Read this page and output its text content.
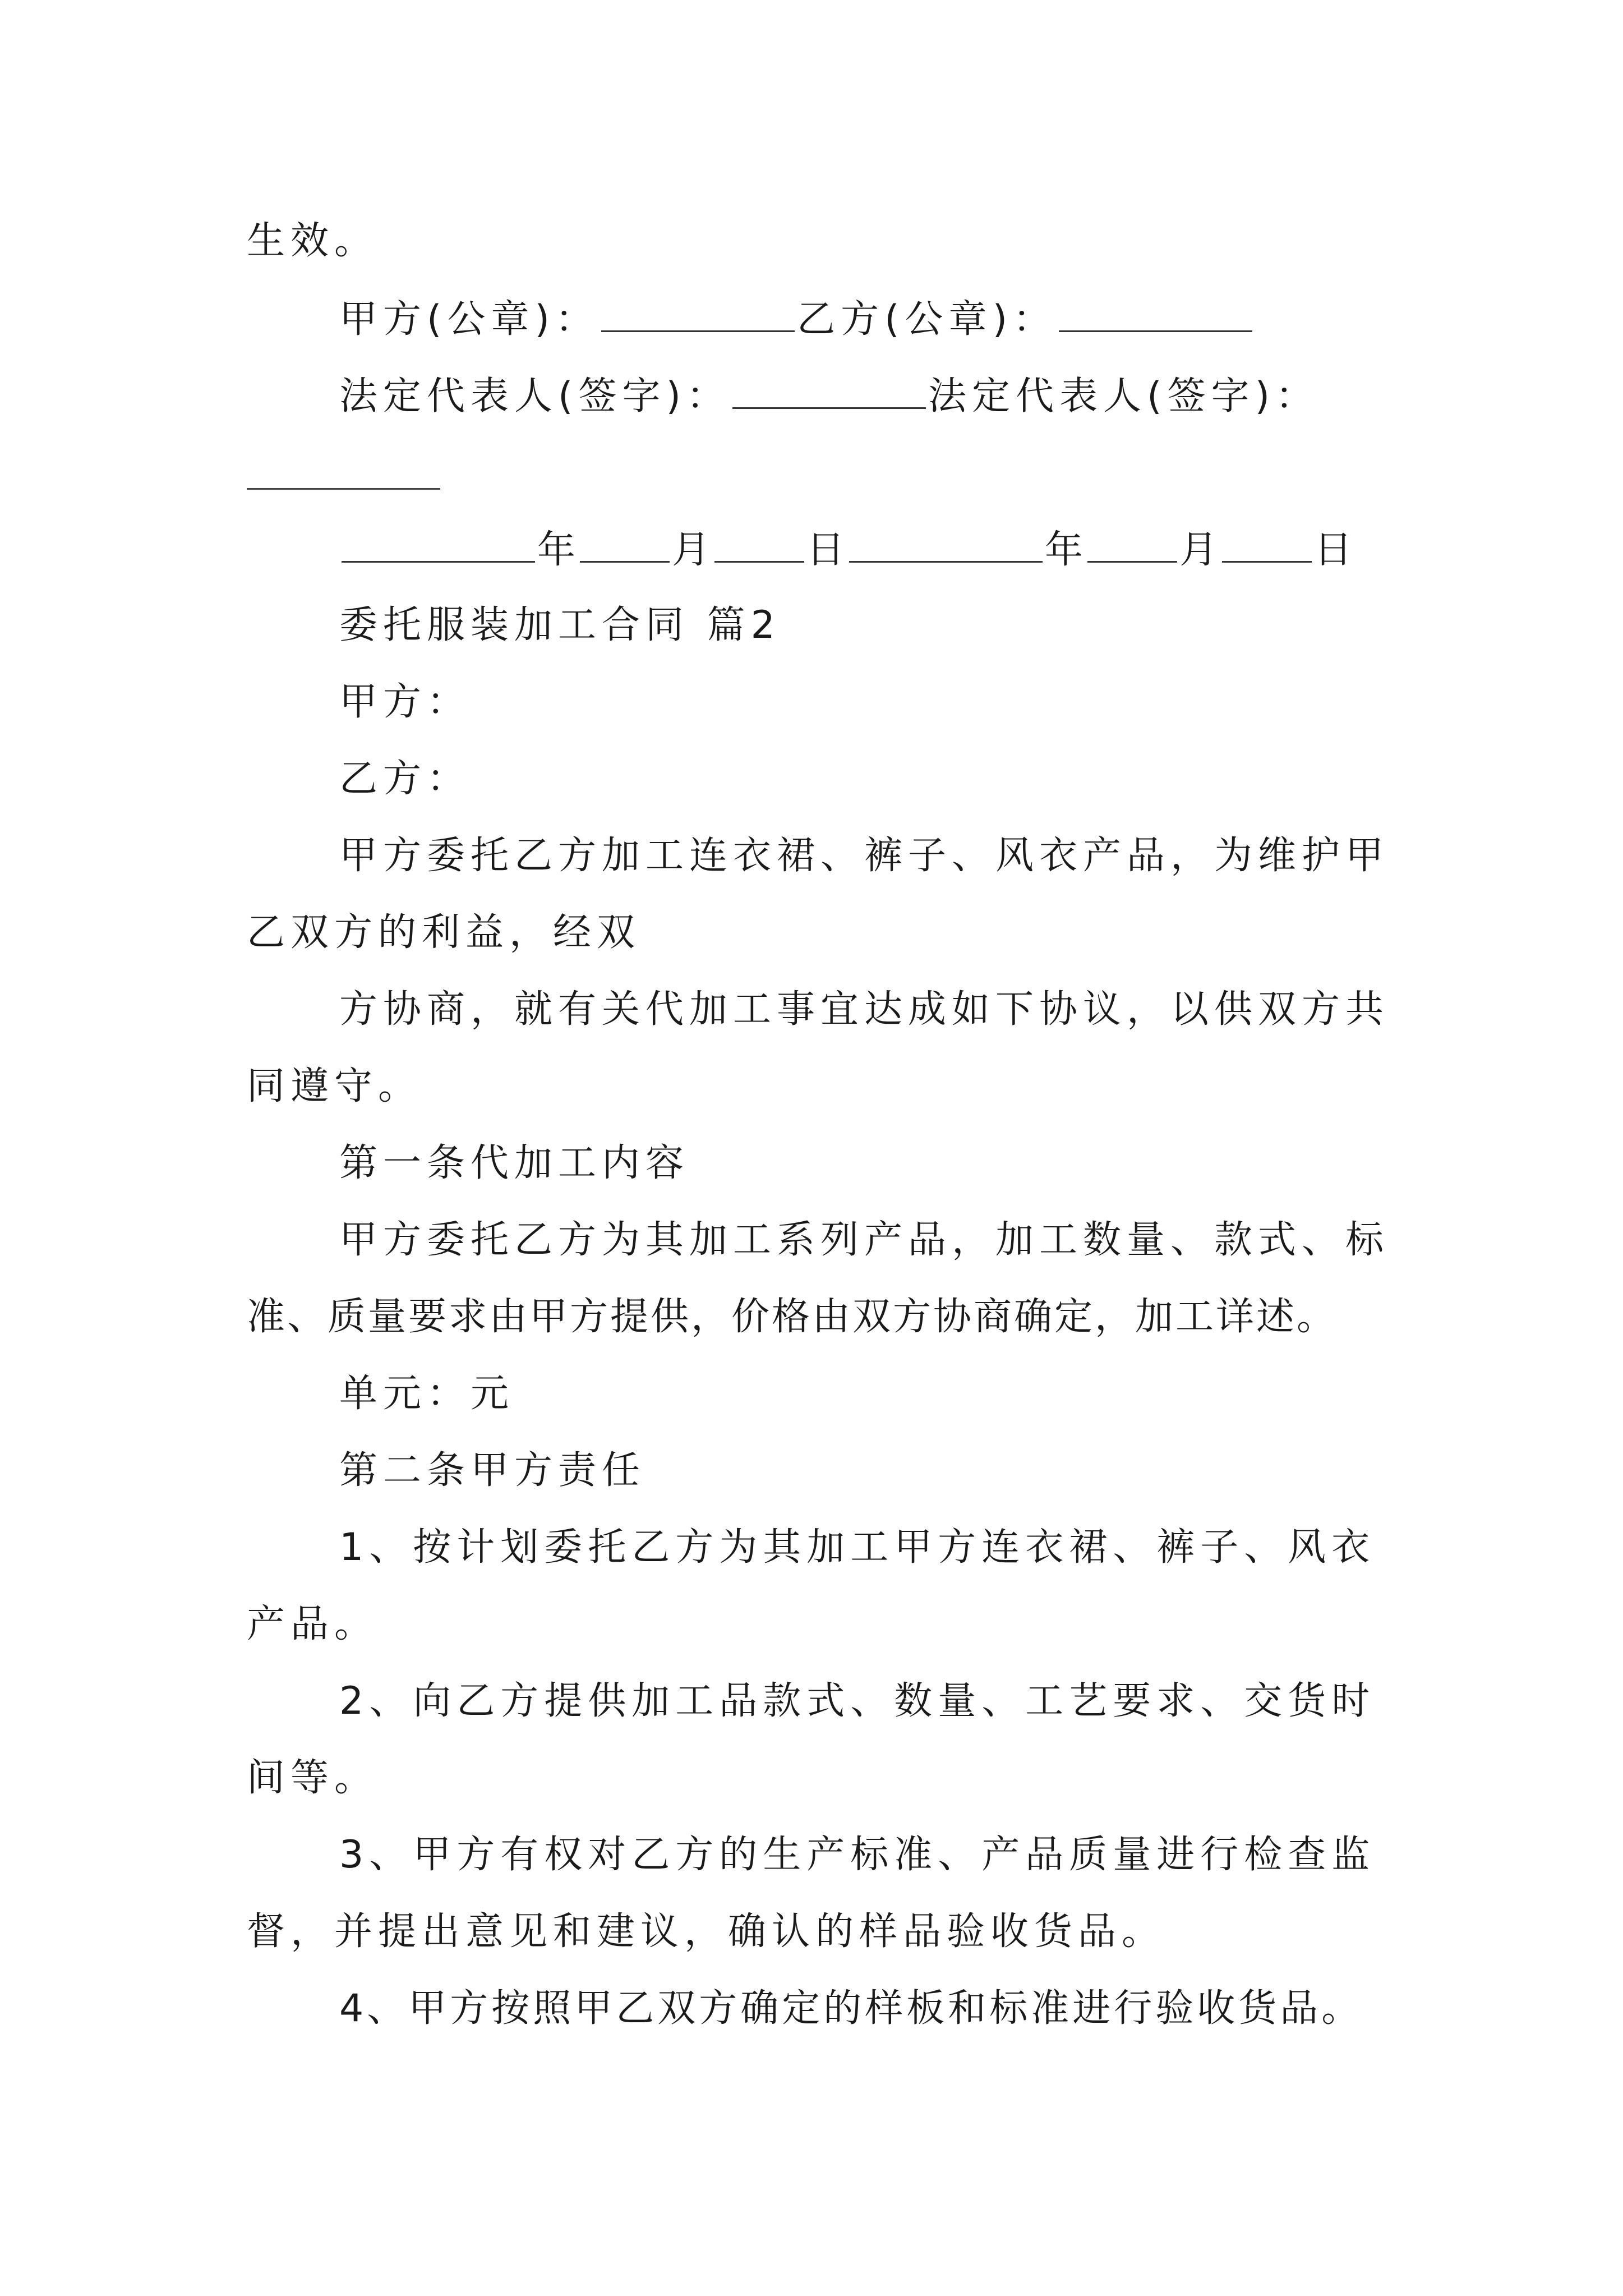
生效。
甲方(公章)：	乙方(公章)：
法定代表人(签字)：	法定代表人(签字)：
年 月 日	年 月 日
委托服装加工合同 篇2
甲方：
乙方：
甲方委托乙方加工连衣裙、裤子、风衣产品，为维护甲
乙双方的利益，经双
方协商，就有关代加工事宜达成如下协议，以供双方共
同遵守。
第一条代加工内容
甲方委托乙方为其加工系列产品，加工数量、款式、标
准、质量要求由甲方提供，价格由双方协商确定，加工详述。
单元：元
第二条甲方责任
1、按计划委托乙方为其加工甲方连衣裙、裤子、风衣
产品。
2、向乙方提供加工品款式、数量、工艺要求、交货时
间等。
3、甲方有权对乙方的生产标准、产品质量进行检查监
督，并提出意见和建议，确认的样品验收货品。
4、甲方按照甲乙双方确定的样板和标准进行验收货品。
